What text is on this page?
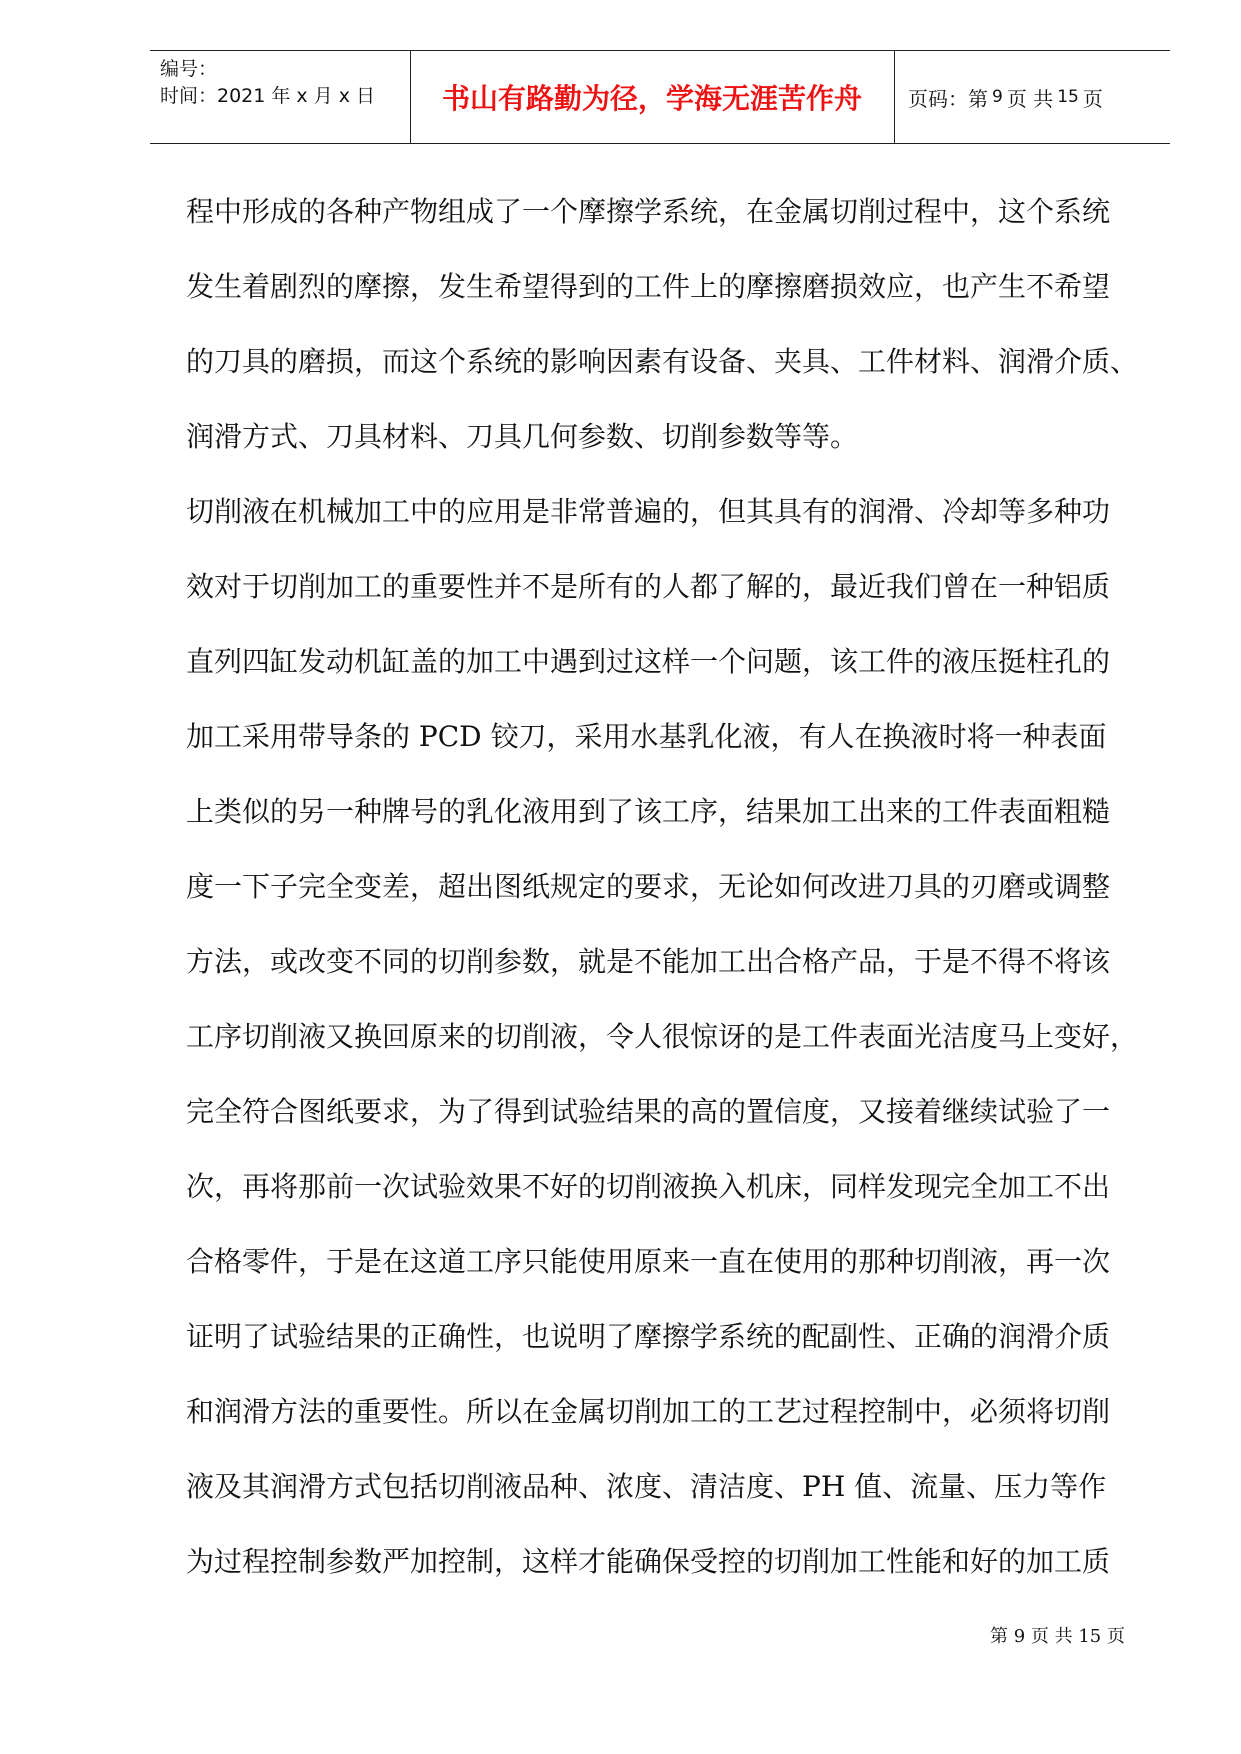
编号：
时间：2021 年 x 月 x 日	书山有路勤为径，学海无涯苦作舟	页码：第 9 页 共 15 页
程中形成的各种产物组成了一个摩擦学系统，在金属切削过程中，这个系统
发生着剧烈的摩擦，发生希望得到的工件上的摩擦磨损效应，也产生不希望
的刀具的磨损，而这个系统的影响因素有设备、夹具、工件材料、润滑介质、
润滑方式、刀具材料、刀具几何参数、切削参数等等。
切削液在机械加工中的应用是非常普遍的，但其具有的润滑、冷却等多种功
效对于切削加工的重要性并不是所有的人都了解的，最近我们曾在一种铝质
直列四缸发动机缸盖的加工中遇到过这样一个问题，该工件的液压挺柱孔的
加工采用带导条的 PCD 铰刀，采用水基乳化液，有人在换液时将一种表面
上类似的另一种牌号的乳化液用到了该工序，结果加工出来的工件表面粗糙
度一下子完全变差，超出图纸规定的要求，无论如何改进刀具的刃磨或调整
方法，或改变不同的切削参数，就是不能加工出合格产品，于是不得不将该
工序切削液又换回原来的切削液，令人很惊讶的是工件表面光洁度马上变好，
完全符合图纸要求，为了得到试验结果的高的置信度，又接着继续试验了一
次，再将那前一次试验效果不好的切削液换入机床，同样发现完全加工不出
合格零件，于是在这道工序只能使用原来一直在使用的那种切削液，再一次
证明了试验结果的正确性，也说明了摩擦学系统的配副性、正确的润滑介质
和润滑方法的重要性。所以在金属切削加工的工艺过程控制中，必须将切削
液及其润滑方式包括切削液品种、浓度、清洁度、PH 值、流量、压力等作
为过程控制参数严加控制，这样才能确保受控的切削加工性能和好的加工质
第 9 页 共 15 页
